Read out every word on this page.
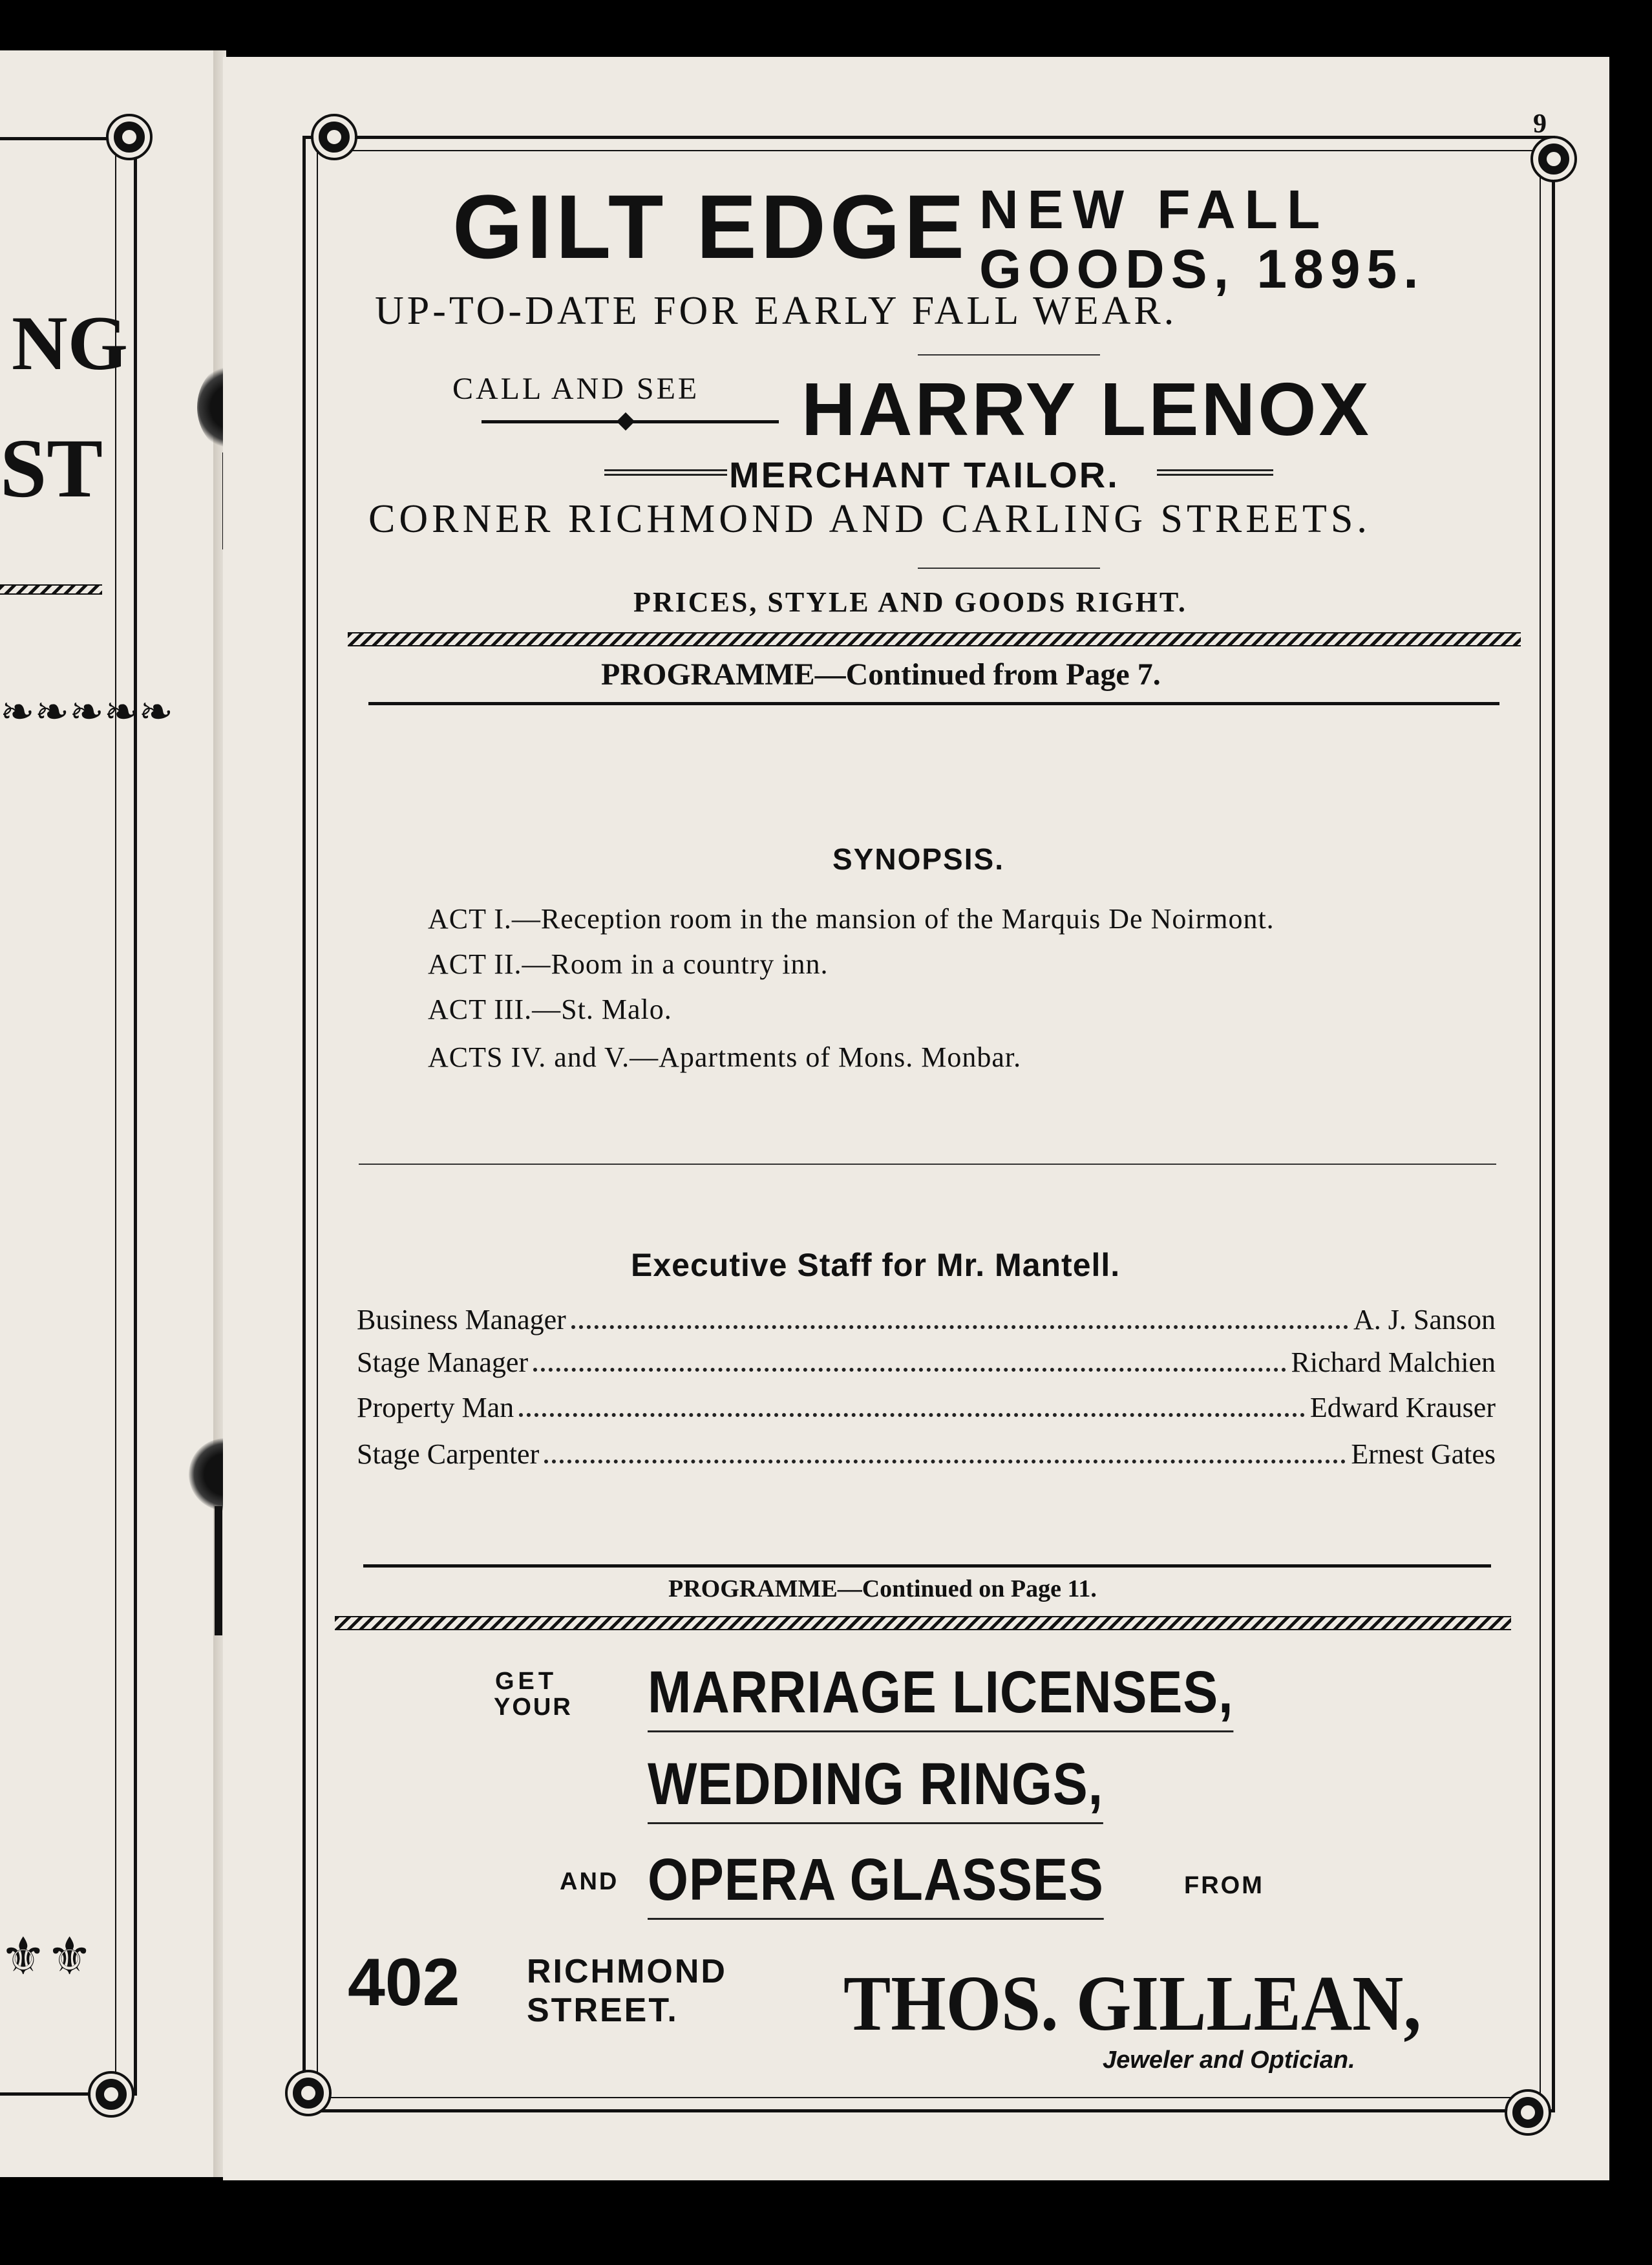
NG
ST
❧❧❧❧❧
⚜⚜
9
GILT EDGE NEW FALL
GOODS, 1895.
UP-TO-DATE FOR EARLY FALL WEAR.
CALL AND SEE HARRY LENOX
MERCHANT TAILOR.
CORNER RICHMOND AND CARLING STREETS.
PRICES, STYLE AND GOODS RIGHT.
PROGRAMME—Continued from Page 7.
SYNOPSIS.
ACT I.—Reception room in the mansion of the Marquis De Noirmont.
ACT II.—Room in a country inn.
ACT III.—St. Malo.
ACTS IV. and V.—Apartments of Mons. Monbar.
Executive Staff for Mr. Mantell.
Business Manager	A. J. Sanson
Stage Manager	Richard Malchien
Property Man	Edward Krauser
Stage Carpenter	Ernest Gates
PROGRAMME—Continued on Page 11.
GET
YOUR MARRIAGE LICENSES,
WEDDING RINGS,
AND OPERA GLASSES	FROM
402 RICHMOND
STREET. THOS. GILLEAN,
Jeweler and Optician.
